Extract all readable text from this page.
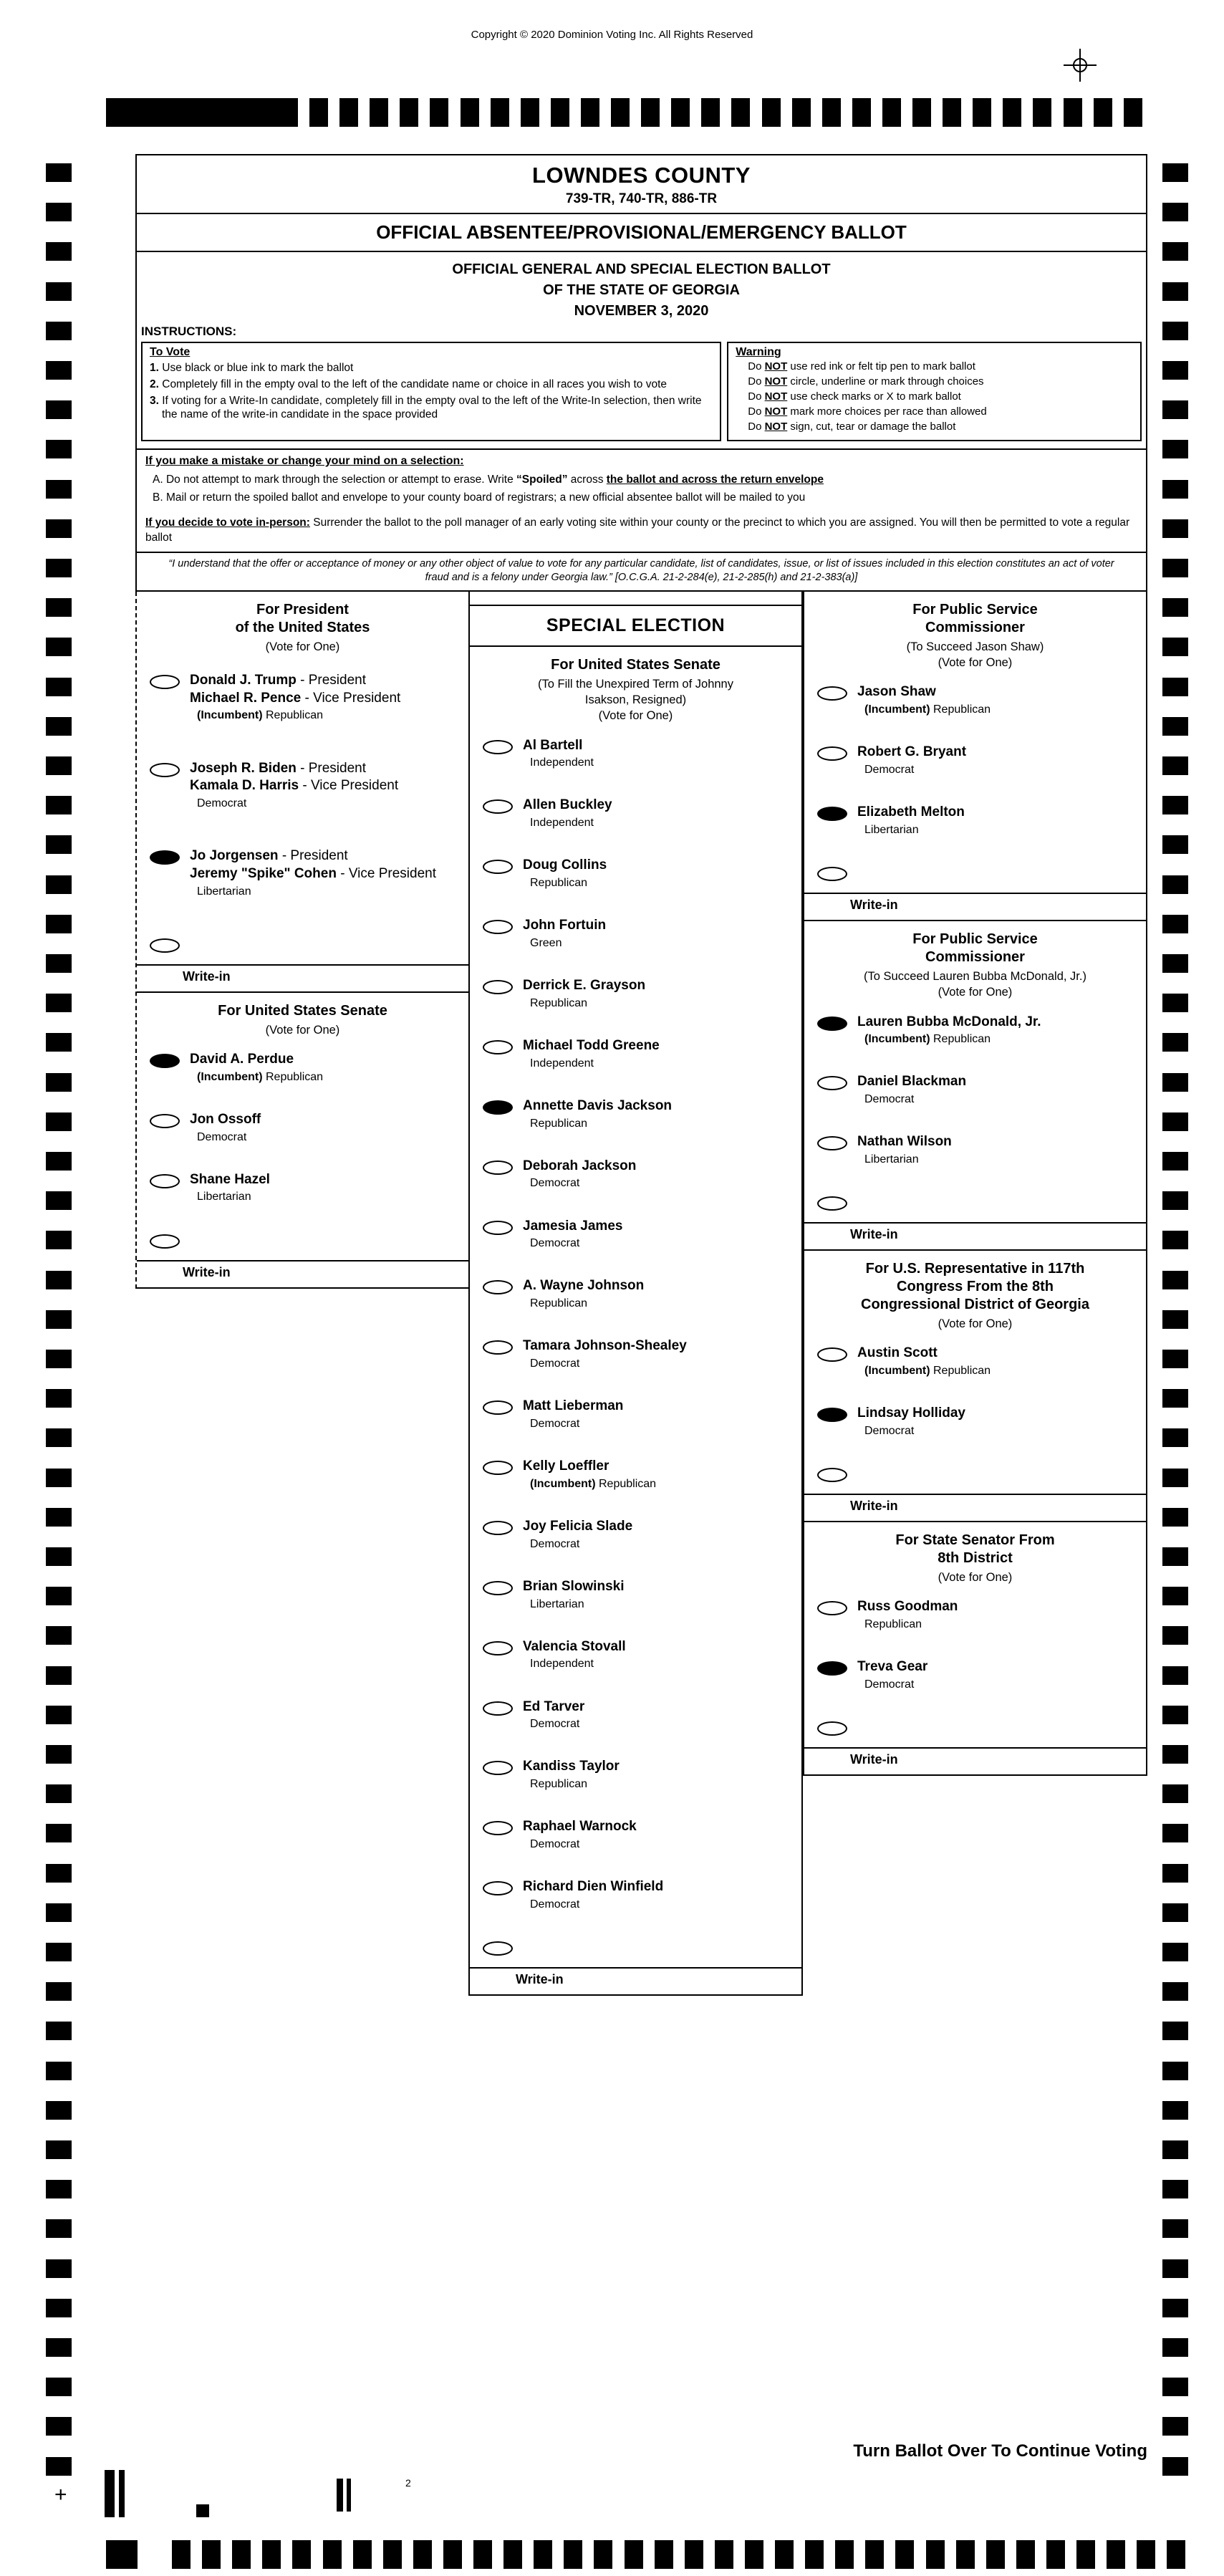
Copyright © 2020 Dominion Voting Inc. All Rights Reserved
LOWNDES COUNTY
739-TR, 740-TR, 886-TR
OFFICIAL ABSENTEE/PROVISIONAL/EMERGENCY BALLOT
OFFICIAL GENERAL AND SPECIAL ELECTION BALLOT
OF THE STATE OF GEORGIA
NOVEMBER 3, 2020
INSTRUCTIONS:
To Vote
1. Use black or blue ink to mark the ballot
2. Completely fill in the empty oval to the left of the candidate name or choice in all races you wish to vote
3. If voting for a Write-In candidate, completely fill in the empty oval to the left of the Write-In selection, then write the name of the write-in candidate in the space provided
Warning
Do NOT use red ink or felt tip pen to mark ballot
Do NOT circle, underline or mark through choices
Do NOT use check marks or X to mark ballot
Do NOT mark more choices per race than allowed
Do NOT sign, cut, tear or damage the ballot
If you make a mistake or change your mind on a selection:
A. Do not attempt to mark through the selection or attempt to erase. Write “Spoiled” across the ballot and across the return envelope
B. Mail or return the spoiled ballot and envelope to your county board of registrars; a new official absentee ballot will be mailed to you
If you decide to vote in-person: Surrender the ballot to the poll manager of an early voting site within your county or the precinct to which you are assigned. You will then be permitted to vote a regular ballot
“I understand that the offer or acceptance of money or any other object of value to vote for any particular candidate, list of candidates, issue, or list of issues included in this election constitutes an act of voter fraud and is a felony under Georgia law.” [O.C.G.A. 21-2-284(e), 21-2-285(h) and 21-2-383(a)]
For President
of the United States
(Vote for One)
Donald J. Trump - President
Michael R. Pence - Vice President
(Incumbent) Republican
Joseph R. Biden - President
Kamala D. Harris - Vice President
Democrat
Jo Jorgensen - President
Jeremy "Spike" Cohen - Vice President
Libertarian
Write-in
For United States Senate
(Vote for One)
David A. Perdue
(Incumbent) Republican
Jon Ossoff
Democrat
Shane Hazel
Libertarian
Write-in
SPECIAL ELECTION
For United States Senate
(To Fill the Unexpired Term of Johnny
Isakson, Resigned)
(Vote for One)
Al Bartell
Independent
Allen Buckley
Independent
Doug Collins
Republican
John Fortuin
Green
Derrick E. Grayson
Republican
Michael Todd Greene
Independent
Annette Davis Jackson
Republican
Deborah Jackson
Democrat
Jamesia James
Democrat
A. Wayne Johnson
Republican
Tamara Johnson-Shealey
Democrat
Matt Lieberman
Democrat
Kelly Loeffler
(Incumbent) Republican
Joy Felicia Slade
Democrat
Brian Slowinski
Libertarian
Valencia Stovall
Independent
Ed Tarver
Democrat
Kandiss Taylor
Republican
Raphael Warnock
Democrat
Richard Dien Winfield
Democrat
Write-in
For Public Service
Commissioner
(To Succeed Jason Shaw)
(Vote for One)
Jason Shaw
(Incumbent) Republican
Robert G. Bryant
Democrat
Elizabeth Melton
Libertarian
Write-in
For Public Service
Commissioner
(To Succeed Lauren Bubba McDonald, Jr.)
(Vote for One)
Lauren Bubba McDonald, Jr.
(Incumbent) Republican
Daniel Blackman
Democrat
Nathan Wilson
Libertarian
Write-in
For U.S. Representative in 117th
Congress From the 8th
Congressional District of Georgia
(Vote for One)
Austin Scott
(Incumbent) Republican
Lindsay Holliday
Democrat
Write-in
For State Senator From
8th District
(Vote for One)
Russ Goodman
Republican
Treva Gear
Democrat
Write-in
Turn Ballot Over To Continue Voting
+	2
